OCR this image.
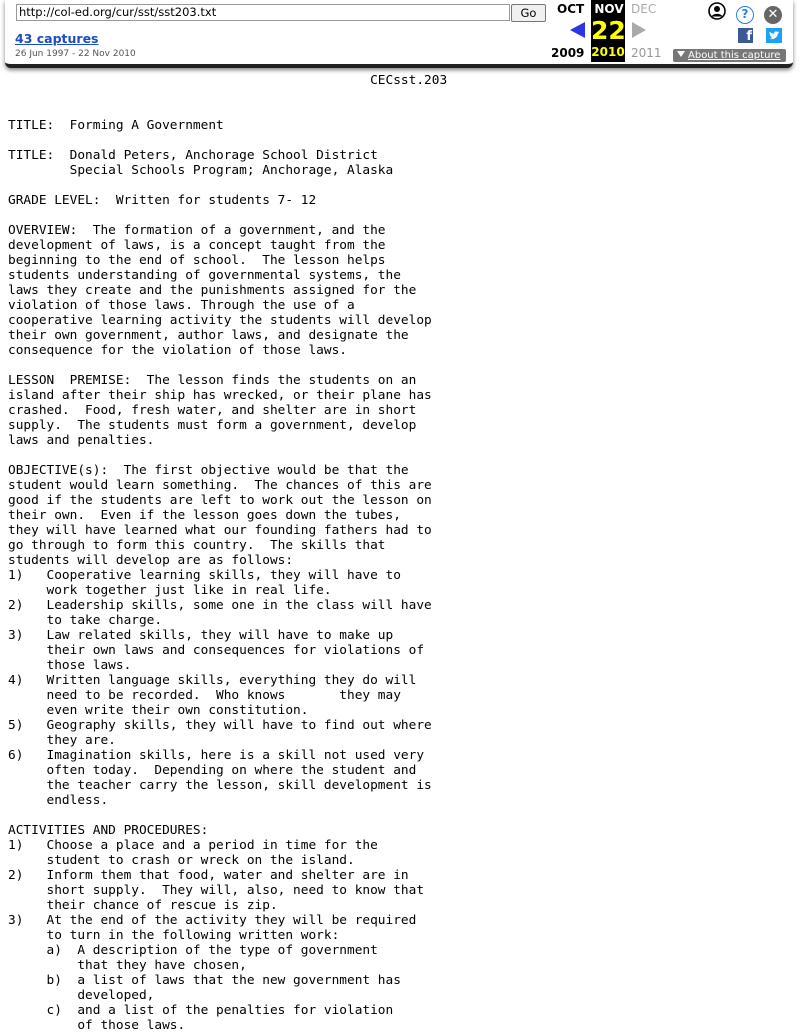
http://col-ed.org/cur/sst/sst203.txt	Go
43 captures
26 Jun 1997 - 22 Nov 2010
OCT NOV DEC
22
2009 2010 2011
?	✕
f
About this capture
CECsst.203

TITLE:  Forming A Government

TITLE:  Donald Peters, Anchorage School District
Special Schools Program; Anchorage, Alaska

GRADE LEVEL:  Written for students 7- 12

OVERVIEW:  The formation of a government, and the
development of laws, is a concept taught from the
beginning to the end of school.  The lesson helps
students understanding of governmental systems, the
laws they create and the punishments assigned for the
violation of those laws. Through the use of a
cooperative learning activity the students will develop
their own government, author laws, and designate the
consequence for the violation of those laws.

LESSON  PREMISE:  The lesson finds the students on an
island after their ship has wrecked, or their plane has
crashed.  Food, fresh water, and shelter are in short
supply.  The students must form a government, develop
laws and penalties.

OBJECTIVE(s):  The first objective would be that the
student would learn something.  The chances of this are
good if the students are left to work out the lesson on
their own.  Even if the lesson goes down the tubes,
they will have learned what our founding fathers had to
go through to form this country.  The skills that
students will develop are as follows:
1)   Cooperative learning skills, they will have to
work together just like in real life.
2)   Leadership skills, some one in the class will have
to take charge.
3)   Law related skills, they will have to make up
their own laws and consequences for violations of
those laws.
4)   Written language skills, everything they do will
need to be recorded.  Who knows       they may
even write their own constitution.
5)   Geography skills, they will have to find out where
they are.
6)   Imagination skills, here is a skill not used very
often today.  Depending on where the student and
the teacher carry the lesson, skill development is
endless.

ACTIVITIES AND PROCEDURES:
1)   Choose a place and a period in time for the
student to crash or wreck on the island.
2)   Inform them that food, water and shelter are in
short supply.  They will, also, need to know that
their chance of rescue is zip.
3)   At the end of the activity they will be required
to turn in the following written work:
a)  A description of the type of government
that they have chosen,
b)  a list of laws that the new government has
developed,
c)  and a list of the penalties for violation
of those laws.
